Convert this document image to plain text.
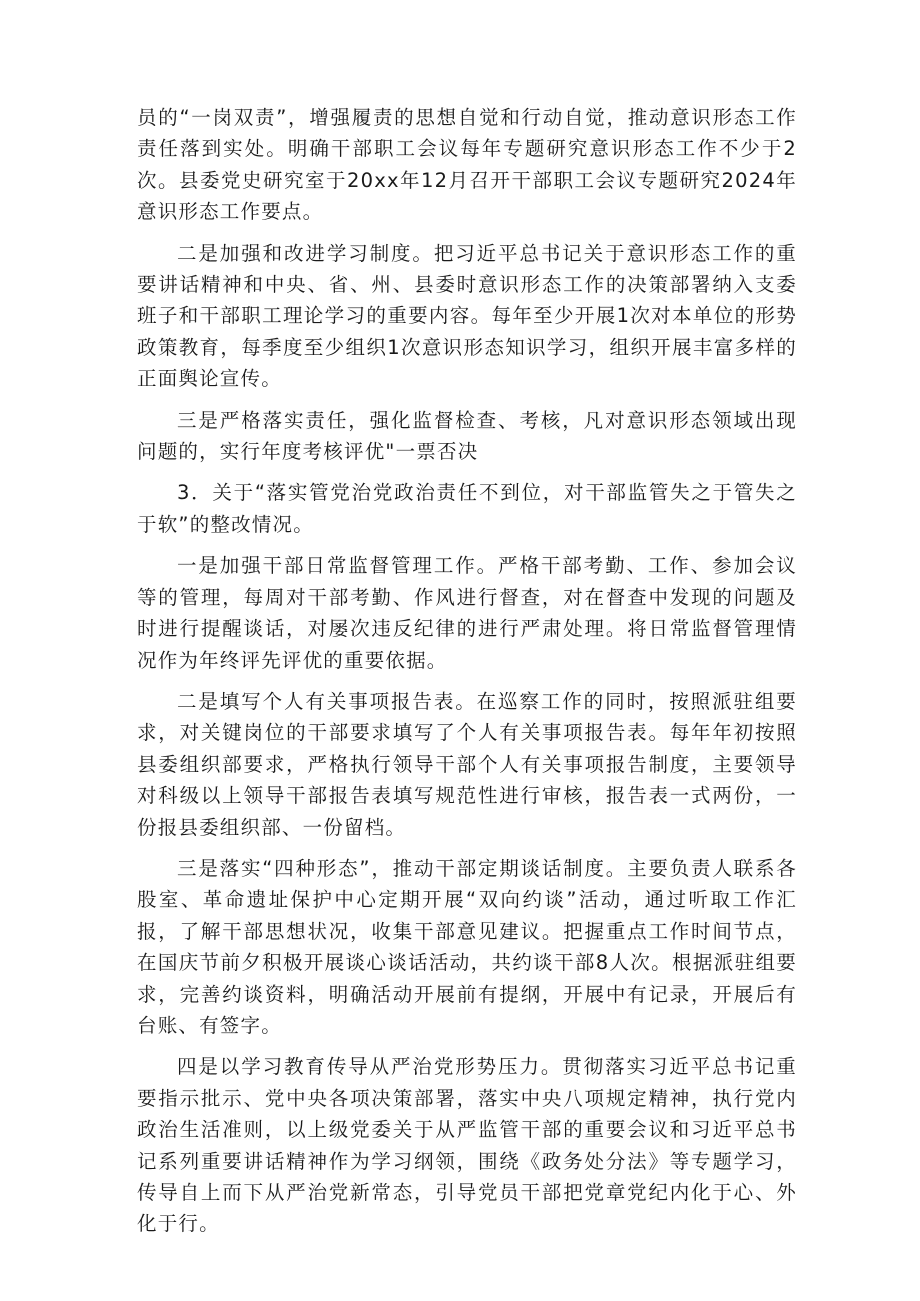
员的“一岗双责”，增强履责的思想自觉和行动自觉，推动意识形态工作责任落到实处。明确干部职工会议每年专题研究意识形态工作不少于2次。县委党史研究室于20xx年12月召开干部职工会议专题研究2024年意识形态工作要点。

二是加强和改进学习制度。把习近平总书记关于意识形态工作的重要讲话精神和中央、省、州、县委时意识形态工作的决策部署纳入支委班子和干部职工理论学习的重要内容。每年至少开展1次对本单位的形势政策教育，每季度至少组织1次意识形态知识学习，组织开展丰富多样的正面舆论宣传。

三是严格落实责任，强化监督检查、考核，凡对意识形态领域出现问题的，实行年度考核评优"一票否决

3．关于“落实管党治党政治责任不到位，对干部监管失之于管失之于软”的整改情况。

一是加强干部日常监督管理工作。严格干部考勤、工作、参加会议等的管理，每周对干部考勤、作风进行督查，对在督查中发现的问题及时进行提醒谈话，对屡次违反纪律的进行严肃处理。将日常监督管理情况作为年终评先评优的重要依据。

二是填写个人有关事项报告表。在巡察工作的同时，按照派驻组要求，对关键岗位的干部要求填写了个人有关事项报告表。每年年初按照县委组织部要求，严格执行领导干部个人有关事项报告制度，主要领导对科级以上领导干部报告表填写规范性进行审核，报告表一式两份，一份报县委组织部、一份留档。

三是落实“四种形态”，推动干部定期谈话制度。主要负责人联系各股室、革命遗址保护中心定期开展“双向约谈”活动，通过听取工作汇报，了解干部思想状况，收集干部意见建议。把握重点工作时间节点，在国庆节前夕积极开展谈心谈话活动，共约谈干部8人次。根据派驻组要求，完善约谈资料，明确活动开展前有提纲，开展中有记录，开展后有台账、有签字。

四是以学习教育传导从严治党形势压力。贯彻落实习近平总书记重要指示批示、党中央各项决策部署，落实中央八项规定精神，执行党内政治生活准则，以上级党委关于从严监管干部的重要会议和习近平总书记系列重要讲话精神作为学习纲领，围绕《政务处分法》等专题学习，传导自上而下从严治党新常态，引导党员干部把党章党纪内化于心、外化于行。
